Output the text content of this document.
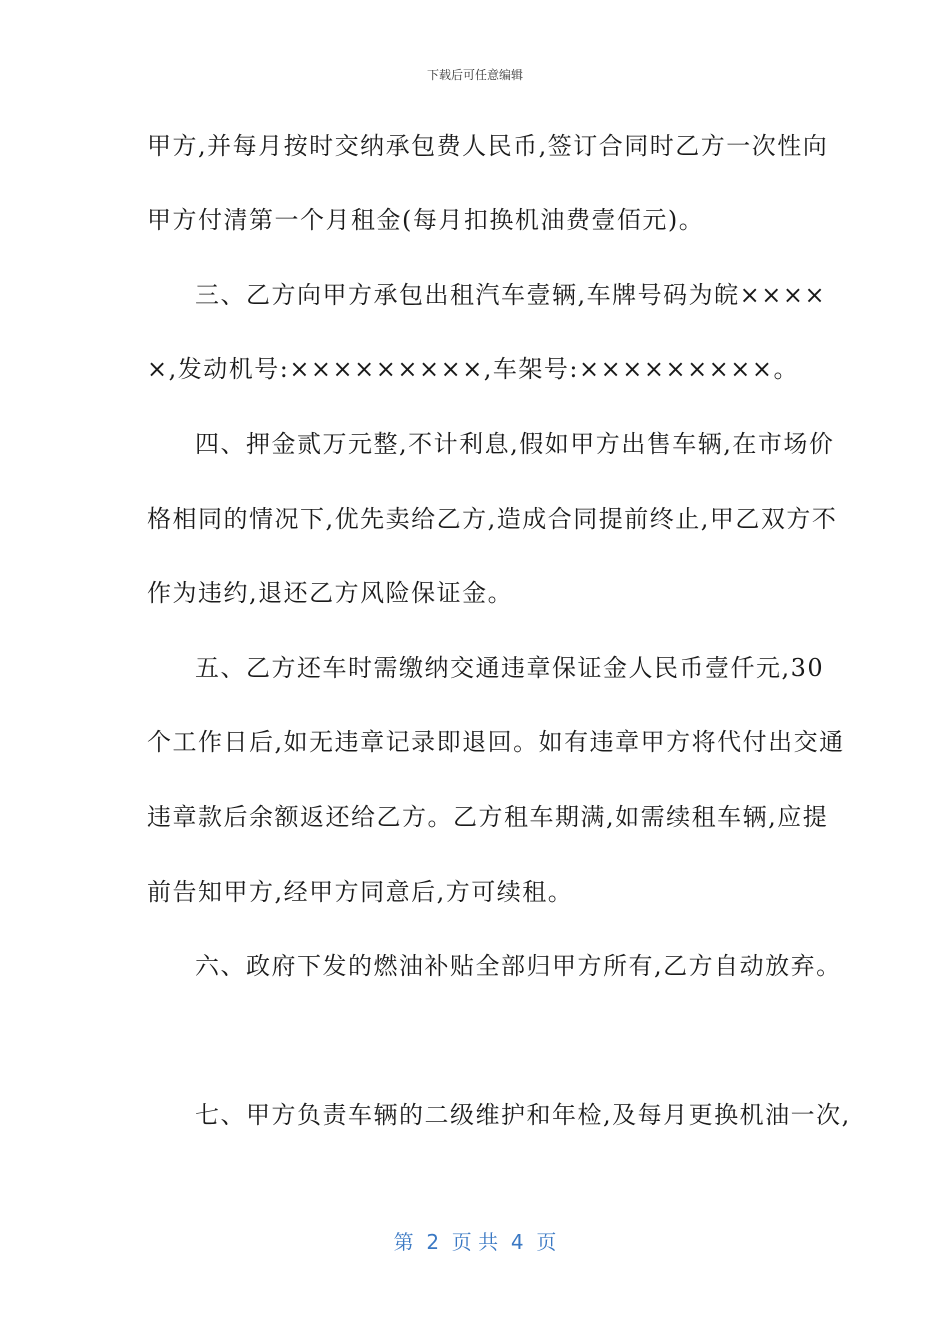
下载后可任意编辑
甲方,并每月按时交纳承包费人民币,签订合同时乙方一次性向
甲方付清第一个月租金(每月扣换机油费壹佰元)。
三、乙方向甲方承包出租汽车壹辆,车牌号码为皖××××
×,发动机号:×××××××××,车架号:×××××××××。
四、押金贰万元整,不计利息,假如甲方出售车辆,在市场价
格相同的情况下,优先卖给乙方,造成合同提前终止,甲乙双方不
作为违约,退还乙方风险保证金。
五、乙方还车时需缴纳交通违章保证金人民币壹仟元,30
个工作日后,如无违章记录即退回。如有违章甲方将代付出交通
违章款后余额返还给乙方。乙方租车期满,如需续租车辆,应提
前告知甲方,经甲方同意后,方可续租。
六、政府下发的燃油补贴全部归甲方所有,乙方自动放弃。
七、甲方负责车辆的二级维护和年检,及每月更换机油一次,
第  2  页 共  4  页
